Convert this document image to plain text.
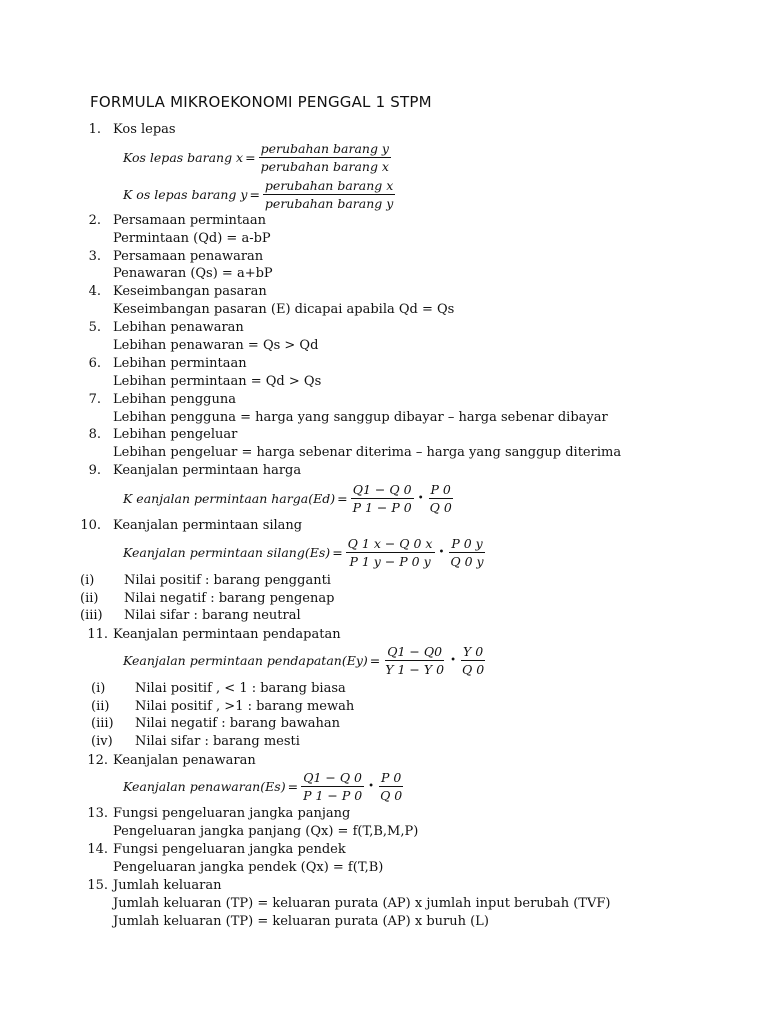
FORMULA MIKROEKONOMI PENGGAL 1 STPM
1. Kos lepas
Kos lepas barang $x = \frac{\text{perubahan barang y}}{\text{perubahan barang x}}$
K os lepas barang $y = \frac{\text{perubahan barang x}}{\text{perubahan barang y}}$
2. Persamaan permintaan
Permintaan (Qd) = a-bP
3. Persamaan penawaran
Penawaran (Qs) = a+bP
4. Keseimbangan pasaran
Keseimbangan pasaran (E) dicapai apabila Qd = Qs
5. Lebihan penawaran
Lebihan penawaran = Qs > Qd
6. Lebihan permintaan
Lebihan permintaan = Qd > Qs
7. Lebihan pengguna
Lebihan pengguna = harga yang sanggup dibayar – harga sebenar dibayar
8. Lebihan pengeluar
Lebihan pengeluar = harga sebenar diterima – harga yang sanggup diterima
9. Keanjalan permintaan harga
K eanjalan permintaan harga ( Ed ) = $\frac{Q1 - Q 0}{P 1 - P 0}$ • $\frac{P 0}{Q 0}$
10. Keanjalan permintaan silang
Keanjalan permintaan silang ( Es ) = $\frac{Q 1 x - Q 0 x}{P 1 y - P 0 y}$ • $\frac{P 0 y}{Q 0 y}$
(i) Nilai positif : barang pengganti
(ii) Nilai negatif : barang pengenap
(iii) Nilai sifar : barang neutral
11. Keanjalan permintaan pendapatan
Keanjalan permintaan pendapatan ( Ey ) = $\frac{Q1 - Q0}{Y 1 - Y 0}$ • $\frac{Y 0}{Q 0}$
(i) Nilai positif , < 1 : barang biasa
(ii) Nilai positif , >1 : barang mewah
(iii) Nilai negatif : barang bawahan
(iv) Nilai sifar : barang mesti
12. Keanjalan penawaran
Keanjalan penawaran ( Es ) = $\frac{Q1 - Q 0}{P 1 - P 0}$ • $\frac{P 0}{Q 0}$
13. Fungsi pengeluaran jangka panjang
Pengeluaran jangka panjang (Qx) = f(T,B,M,P)
14. Fungsi pengeluaran jangka pendek
Pengeluaran jangka pendek (Qx) = f(T,B)
15. Jumlah keluaran
Jumlah keluaran (TP) = keluaran purata (AP) x jumlah input berubah (TVF)
Jumlah keluaran (TP) = keluaran purata (AP) x buruh (L)
